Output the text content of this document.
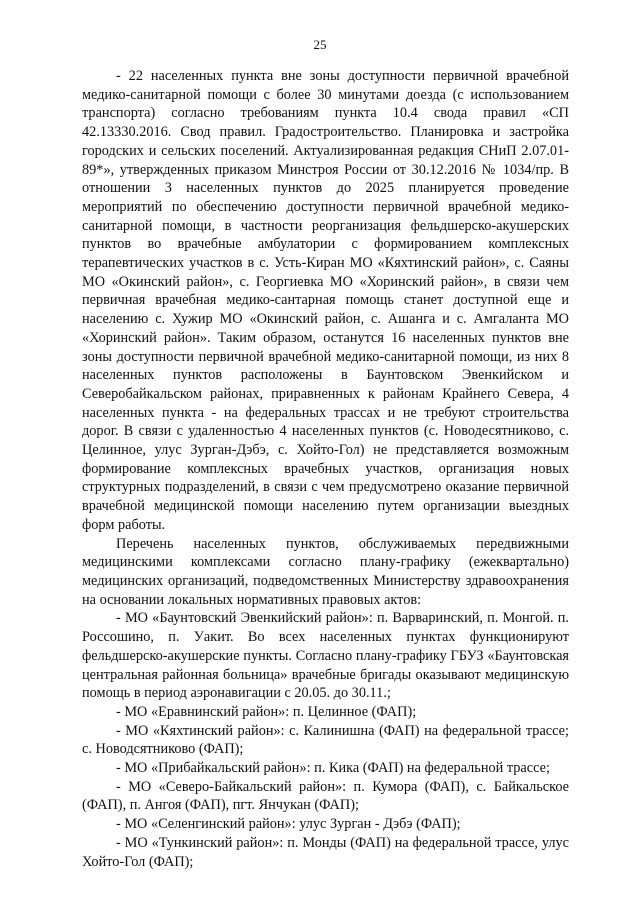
25

- 22 населенных пункта вне зоны доступности первичной врачебной медико-санитарной помощи с более 30 минутами доезда (с использованием транспорта) согласно требованиям пункта 10.4 свода правил «СП 42.13330.2016. Свод правил. Градостроительство. Планировка и застройка городских и сельских поселений. Актуализированная редакция СНиП 2.07.01-89*», утвержденных приказом Минстроя России от 30.12.2016 № 1034/пр. В отношении 3 населенных пунктов до 2025 планируется проведение мероприятий по обеспечению доступности первичной врачебной медико-санитарной помощи, в частности реорганизация фельдшерско-акушерских пунктов во врачебные амбулатории с формированием комплексных терапевтических участков в с. Усть-Киран МО «Кяхтинский район», с. Саяны МО «Окинский район», с. Георгиевка МО «Хоринский район», в связи чем первичная врачебная медико-сантарная помощь станет доступной еще и населению с. Хужир МО «Окинский район, с. Ашанга и с. Амгаланта МО «Хоринский район». Таким образом, останутся 16 населенных пунктов вне зоны доступности первичной врачебной медико-санитарной помощи, из них 8 населенных пунктов расположены в Баунтовском Эвенкийском и Северобайкальском районах, приравненных к районам Крайнего Севера, 4 населенных пункта - на федеральных трассах и не требуют строительства дорог. В связи с удаленностью 4 населенных пунктов (с. Новодесятниково, с. Целинное, улус Зурган-Дэбэ, с. Хойто-Гол) не представляется возможным формирование комплексных врачебных участков, организация новых структурных подразделений, в связи с чем предусмотрено оказание первичной врачебной медицинской помощи населению путем организации выездных форм работы.

Перечень населенных пунктов, обслуживаемых передвижными медицинскими комплексами согласно плану-графику (ежеквартально) медицинских организаций, подведомственных Министерству здравоохранения на основании локальных нормативных правовых актов:

- МО «Баунтовский Эвенкийский район»: п. Варваринский, п. Монгой. п. Россошино, п. Уакит. Во всех населенных пунктах функционируют фельдшерско-акушерские пункты. Согласно плану-графику ГБУЗ «Баунтовская центральная районная больница» врачебные бригады оказывают медицинскую помощь в период аэронавигации с 20.05. до 30.11.;

- МО «Еравнинский район»: п. Целинное (ФАП);

- МО «Кяхтинский район»: с. Калинишна (ФАП) на федеральной трассе; с. Новодсятниково (ФАП);

- МО «Прибайкальский район»: п. Кика (ФАП) на федеральной трассе;

- МО «Северо-Байкальский район»: п. Кумора (ФАП), с. Байкальское (ФАП), п. Ангоя (ФАП), пгт. Янчукан (ФАП);

- МО «Селенгинский район»: улус Зурган - Дэбэ (ФАП);

- МО «Тункинский район»: п. Монды (ФАП) на федеральной трассе, улус Хойто-Гол (ФАП);
